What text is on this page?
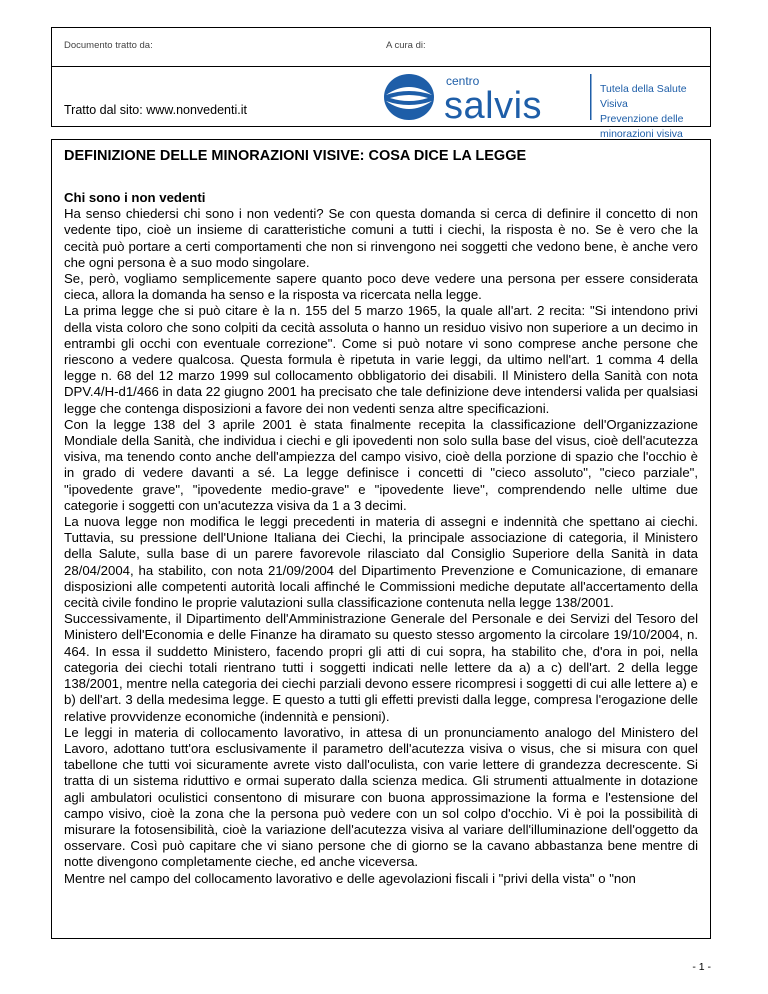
Documento tratto da:	A cura di:
Tratto dal sito: www.nonvedenti.it
centro
salvis	Tutela della Salute Visiva
Prevenzione delle minorazioni visiva
DEFINIZIONE DELLE MINORAZIONI VISIVE: COSA DICE LA LEGGE
Chi sono i non vedenti

Ha senso chiedersi chi sono i non vedenti? Se con questa domanda si cerca di definire il concetto di non vedente tipo, cioè un insieme di caratteristiche comuni a tutti i ciechi, la risposta è no. Se è vero che la cecità può portare a certi comportamenti che non si rinvengono nei soggetti che vedono bene, è anche vero che ogni persona è a suo modo singolare.

Se, però, vogliamo semplicemente sapere quanto poco deve vedere una persona per essere considerata cieca, allora la domanda ha senso e la risposta va ricercata nella legge.

La prima legge che si può citare è la n. 155 del 5 marzo 1965, la quale all'art. 2 recita: "Si intendono privi della vista coloro che sono colpiti da cecità assoluta o hanno un residuo visivo non superiore a un decimo in entrambi gli occhi con eventuale correzione". Come si può notare vi sono comprese anche persone che riescono a vedere qualcosa. Questa formula è ripetuta in varie leggi, da ultimo nell'art. 1 comma 4 della legge n. 68 del 12 marzo 1999 sul collocamento obbligatorio dei disabili. Il Ministero della Sanità con nota DPV.4/H-d1/466 in data 22 giugno 2001 ha precisato che tale definizione deve intendersi valida per qualsiasi legge che contenga disposizioni a favore dei non vedenti senza altre specificazioni.

Con la legge 138 del 3 aprile 2001 è stata finalmente recepita la classificazione dell'Organizzazione Mondiale della Sanità, che individua i ciechi e gli ipovedenti non solo sulla base del visus, cioè dell'acutezza visiva, ma tenendo conto anche dell'ampiezza del campo visivo, cioè della porzione di spazio che l'occhio è in grado di vedere davanti a sé. La legge definisce i concetti di "cieco assoluto", "cieco parziale", "ipovedente grave", "ipovedente medio-grave" e "ipovedente lieve", comprendendo nelle ultime due categorie i soggetti con un'acutezza visiva da 1 a 3 decimi.

La nuova legge non modifica le leggi precedenti in materia di assegni e indennità che spettano ai ciechi. Tuttavia, su pressione dell'Unione Italiana dei Ciechi, la principale associazione di categoria, il Ministero della Salute, sulla base di un parere favorevole rilasciato dal Consiglio Superiore della Sanità in data 28/04/2004, ha stabilito, con nota 21/09/2004 del Dipartimento Prevenzione e Comunicazione, di emanare disposizioni alle competenti autorità locali affinché le Commissioni mediche deputate all'accertamento della cecità civile fondino le proprie valutazioni sulla classificazione contenuta nella legge 138/2001.

Successivamente, il Dipartimento dell'Amministrazione Generale del Personale e dei Servizi del Tesoro del Ministero dell'Economia e delle Finanze ha diramato su questo stesso argomento la circolare 19/10/2004, n. 464. In essa il suddetto Ministero, facendo propri gli atti di cui sopra, ha stabilito che, d'ora in poi, nella categoria dei ciechi totali rientrano tutti i soggetti indicati nelle lettere da a) a c) dell'art. 2 della legge 138/2001, mentre nella categoria dei ciechi parziali devono essere ricompresi i soggetti di cui alle lettere a) e b) dell'art. 3 della medesima legge. E questo a tutti gli effetti previsti dalla legge, compresa l'erogazione delle relative provvidenze economiche (indennità e pensioni).

Le leggi in materia di collocamento lavorativo, in attesa di un pronunciamento analogo del Ministero del Lavoro, adottano tutt'ora esclusivamente il parametro dell'acutezza visiva o visus, che si misura con quel tabellone che tutti voi sicuramente avrete visto dall'oculista, con varie lettere di grandezza decrescente. Si tratta di un sistema riduttivo e ormai superato dalla scienza medica. Gli strumenti attualmente in dotazione agli ambulatori oculistici consentono di misurare con buona approssimazione la forma e l'estensione del campo visivo, cioè la zona che la persona può vedere con un sol colpo d'occhio. Vi è poi la possibilità di misurare la fotosensibilità, cioè la variazione dell'acutezza visiva al variare dell'illuminazione dell'oggetto da osservare. Così può capitare che vi siano persone che di giorno se la cavano abbastanza bene mentre di notte divengono completamente cieche, ed anche viceversa.

Mentre nel campo del collocamento lavorativo e delle agevolazioni fiscali i "privi della vista" o "non

- 1 -
